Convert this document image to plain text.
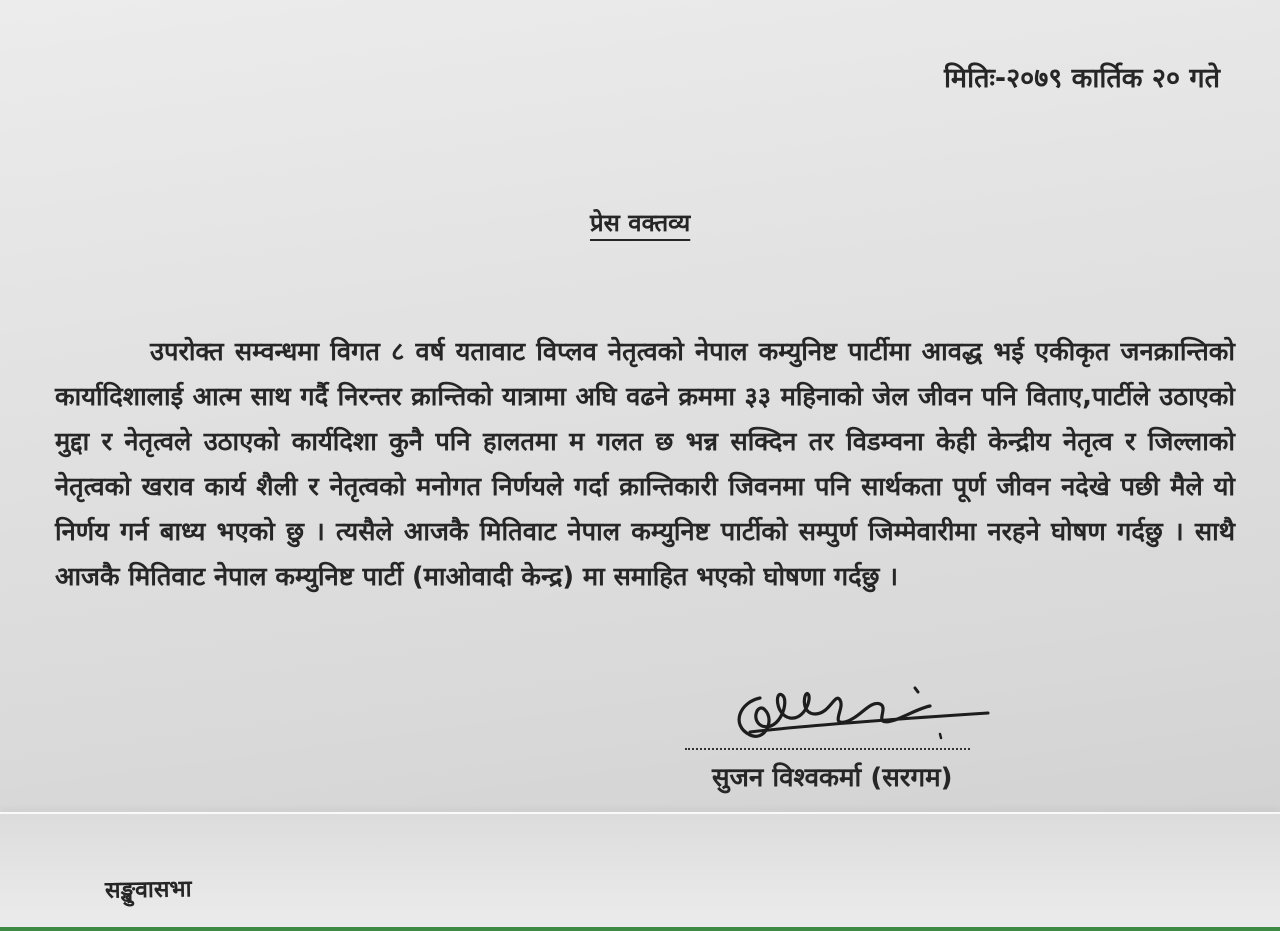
मितिः-२०७९ कार्तिक २० गते
प्रेस वक्तव्य
उपरोक्त सम्वन्धमा विगत ८ वर्ष यतावाट विप्लव नेतृत्वको नेपाल कम्युनिष्ट पार्टीमा आवद्ध भई एकीकृत जनक्रान्तिको कार्यादिशालाई आत्म साथ गर्दै निरन्तर क्रान्तिको यात्रामा अघि वढने क्रममा ३३ महिनाको जेल जीवन पनि विताए,पार्टीले उठाएको मुद्दा र नेतृत्वले उठाएको कार्यदिशा कुनै पनि हालतमा म गलत छ भन्न सक्दिन तर विडम्वना केही केन्द्रीय नेतृत्व र जिल्लाको नेतृत्वको खराव कार्य शैली र नेतृत्वको मनोगत निर्णयले गर्दा क्रान्तिकारी जिवनमा पनि सार्थकता पूर्ण जीवन नदेखे पछी मैले यो निर्णय गर्न बाध्य भएको छु । त्यसैले आजकै मितिवाट नेपाल कम्युनिष्ट पार्टीको सम्पुर्ण जिम्मेवारीमा नरहने घोषण गर्दछु । साथै आजकै मितिवाट नेपाल कम्युनिष्ट पार्टी (माओवादी केन्द्र) मा समाहित भएको घोषणा गर्दछु ।
सुजन विश्वकर्मा (सरगम)
सङ्खुवासभा
